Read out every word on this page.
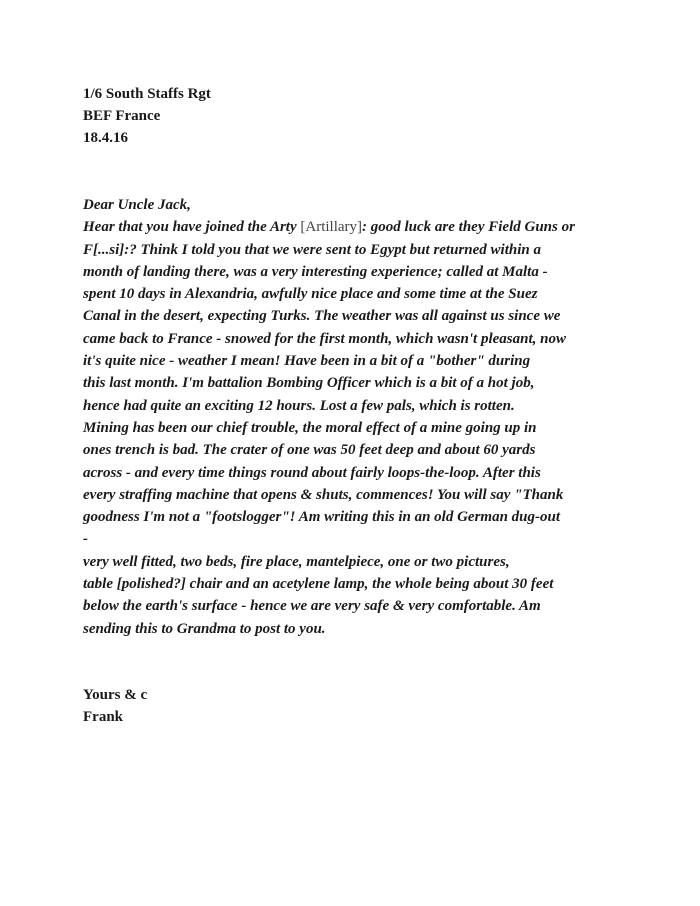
1/6 South Staffs Rgt
BEF France
18.4.16
Dear Uncle Jack,
Hear that you have joined the Arty [Artillary]: good luck are they Field Guns or
F[...si]:? Think I told you that we were sent to Egypt but returned within a
month of landing there, was a very interesting experience; called at Malta -
spent 10 days in Alexandria, awfully nice place and some time at the Suez
Canal in the desert, expecting Turks. The weather was all against us since we
came back to France - snowed for the first month, which wasn't pleasant, now
it's quite nice - weather I mean! Have been in a bit of a "bother" during
this last month. I'm battalion Bombing Officer which is a bit of a hot job,
hence had quite an exciting 12 hours. Lost a few pals, which is rotten.
Mining has been our chief trouble, the moral effect of a mine going up in
ones trench is bad. The crater of one was 50 feet deep and about 60 yards
across - and every time things round about fairly loops-the-loop. After this
every straffing machine that opens & shuts, commences! You will say "Thank
goodness I'm not a "footslogger"! Am writing this in an old German dug-out
-
very well fitted, two beds, fire place, mantelpiece, one or two pictures,
table [polished?] chair and an acetylene lamp, the whole being about 30 feet
below the earth's surface - hence we are very safe & very comfortable. Am
sending this to Grandma to post to you.
Yours & c
Frank
